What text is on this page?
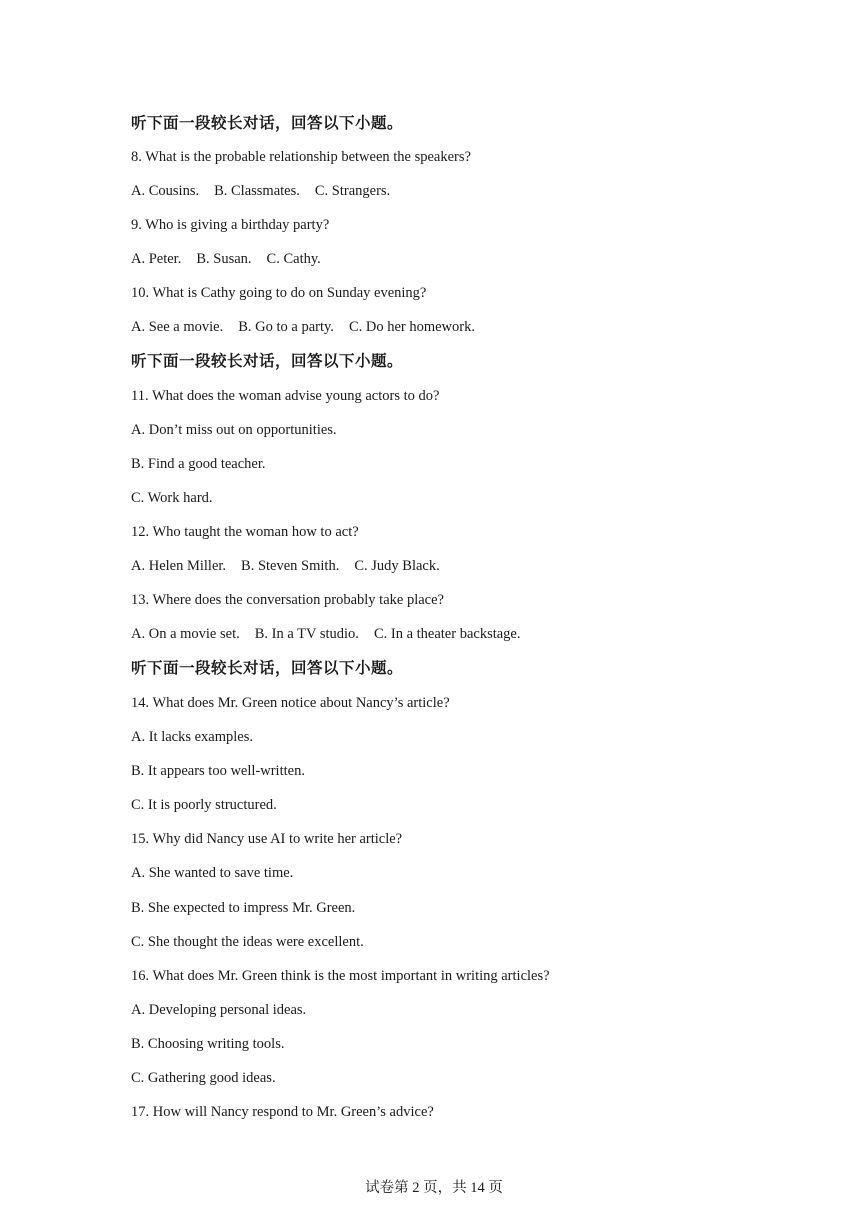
听下面一段较长对话，回答以下小题。
8. What is the probable relationship between the speakers?
A. Cousins. B. Classmates. C. Strangers.
9. Who is giving a birthday party?
A. Peter. B. Susan. C. Cathy.
10. What is Cathy going to do on Sunday evening?
A. See a movie. B. Go to a party. C. Do her homework.
听下面一段较长对话，回答以下小题。
11. What does the woman advise young actors to do?
A. Don’t miss out on opportunities.
B. Find a good teacher.
C. Work hard.
12. Who taught the woman how to act?
A. Helen Miller. B. Steven Smith. C. Judy Black.
13. Where does the conversation probably take place?
A. On a movie set. B. In a TV studio. C. In a theater backstage.
听下面一段较长对话，回答以下小题。
14. What does Mr. Green notice about Nancy’s article?
A. It lacks examples.
B. It appears too well-written.
C. It is poorly structured.
15. Why did Nancy use AI to write her article?
A. She wanted to save time.
B. She expected to impress Mr. Green.
C. She thought the ideas were excellent.
16. What does Mr. Green think is the most important in writing articles?
A. Developing personal ideas.
B. Choosing writing tools.
C. Gathering good ideas.
17. How will Nancy respond to Mr. Green’s advice?
试卷第 2 页，共 14 页
